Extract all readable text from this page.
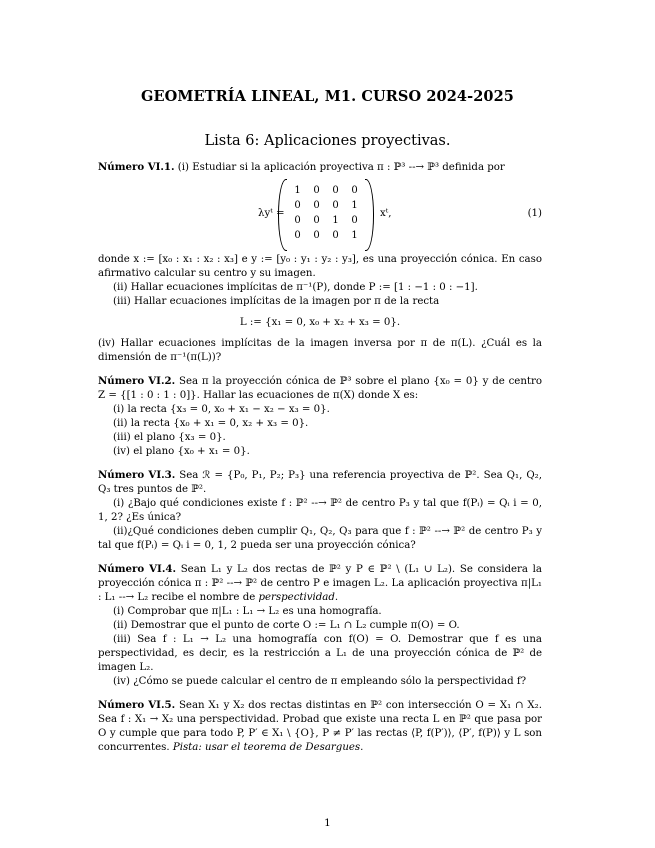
GEOMETRÍA LINEAL, M1. CURSO 2024-2025
Lista 6: Aplicaciones proyectivas.

Número VI.1. (i) Estudiar si la aplicación proyectiva π : ℙ³ --→ ℙ³ definida por

λyᵗ =
1	0	0	0
0	0	0	1
0	0	1	0
0	0	0	1
xᵗ,	(1)

donde x := [x₀ : x₁ : x₂ : x₃] e y := [y₀ : y₁ : y₂ : y₃], es una proyección cónica. En caso afirmativo calcular su centro y su imagen.

(ii) Hallar ecuaciones implícitas de π⁻¹(P), donde P := [1 : −1 : 0 : −1].

(iii) Hallar ecuaciones implícitas de la imagen por π de la recta

L := {x₁ = 0, x₀ + x₂ + x₃ = 0}.

(iv) Hallar ecuaciones implícitas de la imagen inversa por π de π(L). ¿Cuál es la dimensión de π⁻¹(π(L))?

Número VI.2. Sea π la proyección cónica de ℙ³ sobre el plano {x₀ = 0} y de centro Z = {[1 : 0 : 1 : 0]}. Hallar las ecuaciones de π(X) donde X es:

(i) la recta {x₃ = 0, x₀ + x₁ − x₂ − x₃ = 0}.

(ii) la recta {x₀ + x₁ = 0, x₂ + x₃ = 0}.

(iii) el plano {x₃ = 0}.

(iv) el plano {x₀ + x₁ = 0}.

Número VI.3. Sea ℛ = {P₀, P₁, P₂; P₃} una referencia proyectiva de ℙ². Sea Q₁, Q₂, Q₃ tres puntos de ℙ².

(i) ¿Bajo qué condiciones existe f : ℙ² --→ ℙ² de centro P₃ y tal que f(Pᵢ) = Qᵢ i = 0, 1, 2? ¿Es única?

(ii)¿Qué condiciones deben cumplir Q₁, Q₂, Q₃ para que f : ℙ² --→ ℙ² de centro P₃ y tal que f(Pᵢ) = Qᵢ i = 0, 1, 2 pueda ser una proyección cónica?

Número VI.4. Sean L₁ y L₂ dos rectas de ℙ² y P ∈ ℙ² \ (L₁ ∪ L₂). Se considera la proyección cónica π : ℙ² --→ ℙ² de centro P e imagen L₂. La aplicación proyectiva π|L₁ : L₁ --→ L₂ recibe el nombre de perspectividad.

(i) Comprobar que π|L₁ : L₁ → L₂ es una homografía.

(ii) Demostrar que el punto de corte O := L₁ ∩ L₂ cumple π(O) = O.

(iii) Sea f : L₁ → L₂ una homografía con f(O) = O. Demostrar que f es una perspectividad, es decir, es la restricción a L₁ de una proyección cónica de ℙ² de imagen L₂.

(iv) ¿Cómo se puede calcular el centro de π empleando sólo la perspectividad f?

Número VI.5. Sean X₁ y X₂ dos rectas distintas en ℙ² con intersección O = X₁ ∩ X₂. Sea f : X₁ → X₂ una perspectividad. Probad que existe una recta L en ℙ² que pasa por O y cumple que para todo P, P′ ∈ X₁ \ {O}, P ≠ P′ las rectas ⟨P, f(P′)⟩, ⟨P′, f(P)⟩ y L son concurrentes. Pista: usar el teorema de Desargues.

1
